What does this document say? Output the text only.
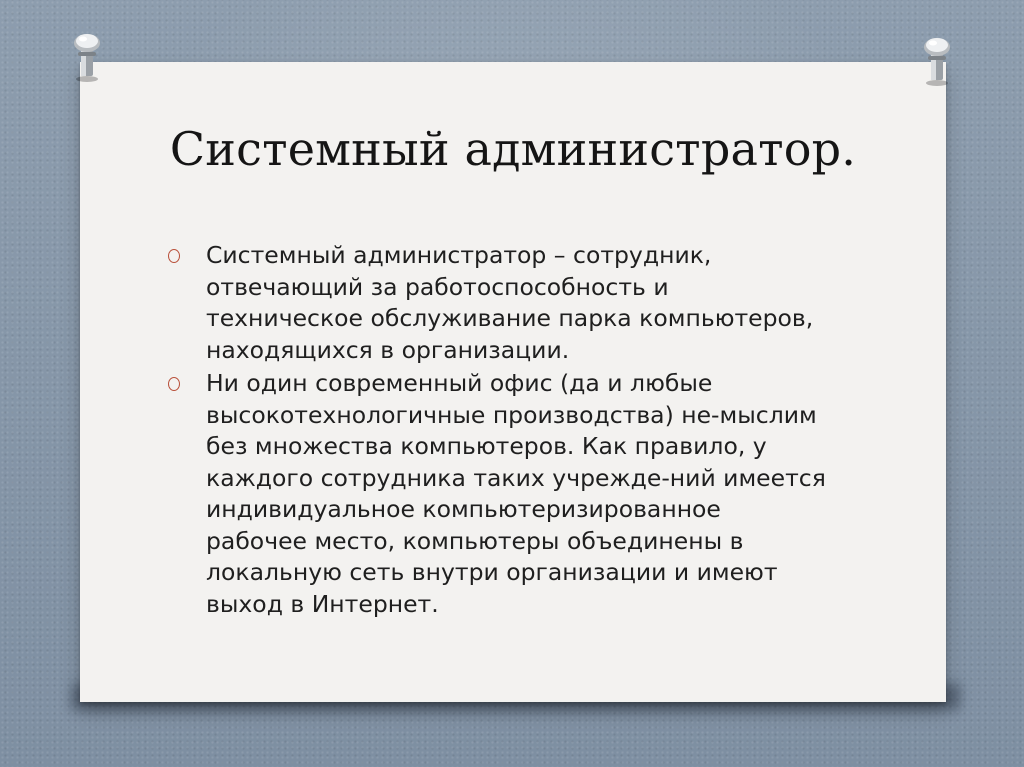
Системный администратор.
Системный администратор – сотрудник, отвечающий за работоспособность и техническое обслуживание парка компьютеров, находящихся в организации.
Ни один современный офис (да и любые высокотехнологичные производства) не-мыслим без множества компьютеров. Как правило, у каждого сотрудника таких учрежде-ний имеется индивидуальное компьютеризированное рабочее место, компьютеры объединены в локальную сеть внутри организации и имеют выход в Интернет.
